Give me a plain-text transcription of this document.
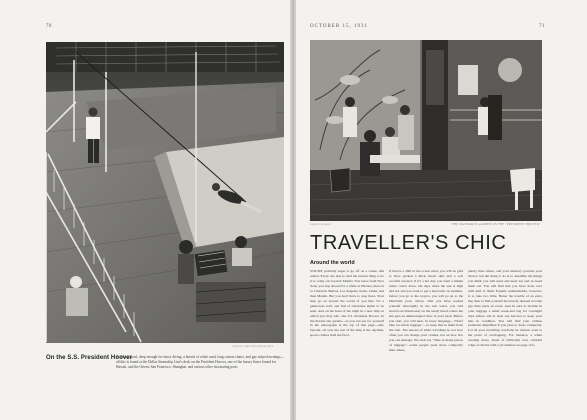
70
EDWIN CHEN PHOTOGRAPHY
On the S.S. President Hoover
A fabergé pool, deep enough for fancy diving, a breach of white sand, long canvas chairs, and gay striped awnings—all this is found at the Dollar Steamship Line's deck on the President Hoover, one of the luxury liners bound for Hawaii, and the Orient: San Francisco, Shanghai, and various other fascinating ports
OCTOBER 15, 1931	71
EDWIN BOWER	THE MANDARIN GARDEN ON THE "PRESIDENT HOOVER"
TRAVELLER'S CHIC
Around the world

YOU'RE probably eager to go off on a cruise, this winter. Every one else is. And the newest thing to do is to wing out towards Manila. You leave from New York, you hop aboard for a while at Havana, then on to Cristobal, Balboa, Los Angeles, Kobe, China, and then Manila. But you don't have to stop there. Your may go on around the world, if you like. It's a glamorous trail, and full of adventure sights to be seen. And on the feast of the night in a new ship on which you may sail—the S.S. President Hoover. In the marine sun garden—as you can see for yourself in the photograph at the top of this page—and, beyond, all over the rest of the ship is the daytime, sports clothes hold the floor.

If there's a chill in the ocean wind, you will be glad to have packed a thick tweed skirt and a soft woollen sweater; if it's a hot day, you want a simple white cotton dress. On days when the sun is high and hot and you want to get a head start on sunburn, before you go to the tropics, you will go up to the Dunsville pool, where, after you have soaked yourself thoroughly in the salt water, you will stretch out luxuriously on the sandy beach where the sun gets an uninterrupted view of your back. Before you start, you will hear, in every language—"Don't take too much luggage"—so keep that in mind from the start. The newest of smart travelling is, not how often you can change your clothes, but on how few you can manage. We each say "Take as many pieces of luggage"—some people pack more compactly than others,

purely than others, and your itinerary governs your choice; but the thing to do is to assemble the things you think you will need and need not and re-weed them out. You will find that you have done over with half of them. Equally unmistakable, however, is to take two little. Better the trouble of an extra bag than to find yourself incorrectly dressed at some gay little party en route. And be sure to include in your luggage a small week-end bag for overnight trips ashore and at least one hat-box to keep your hats in condition. You will find your clothes problems simplified if you plan to dress compactly. Let all your travelling wardrobe be related, even to the point of overlapping. For instance, a white evening dress, made of brilliantly new crinkled crêpe, is divine with a (Continued on page 121)
